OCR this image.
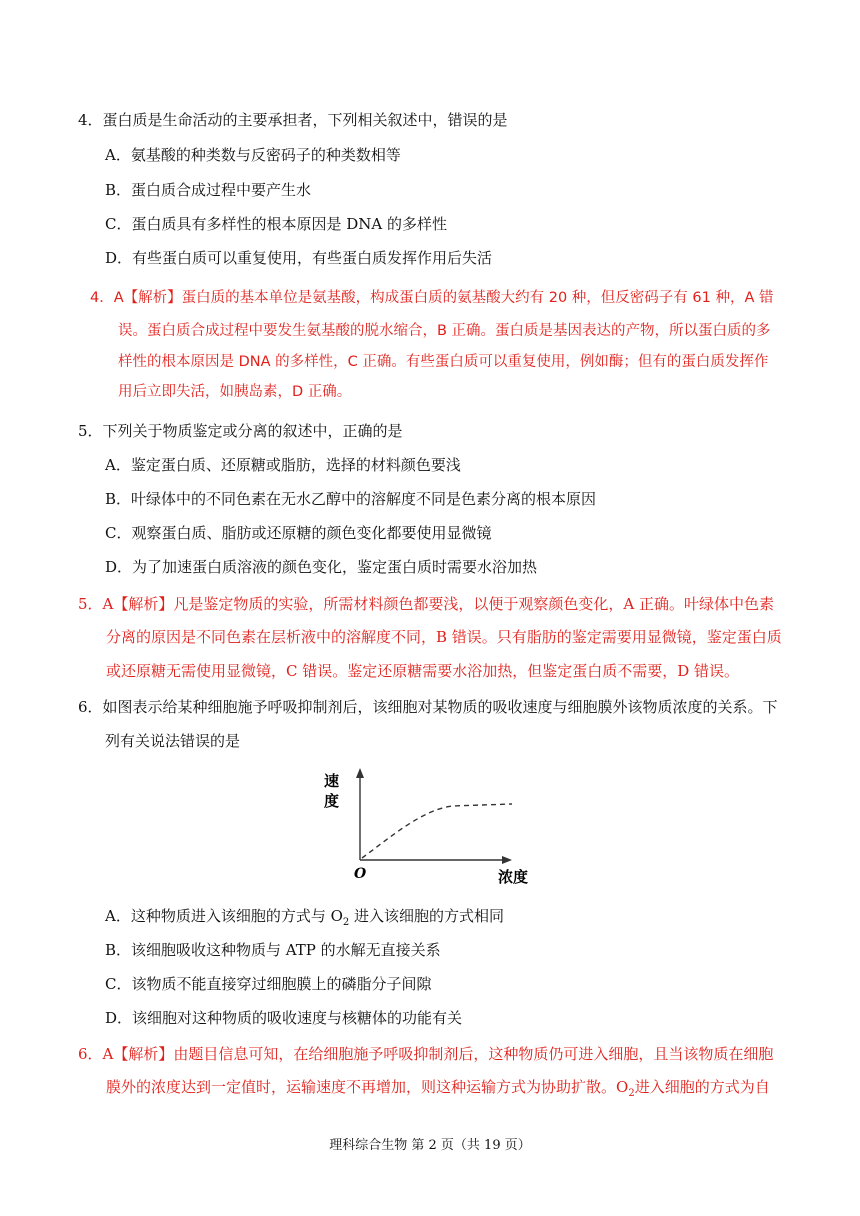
4．蛋白质是生命活动的主要承担者，下列相关叙述中，错误的是
A．氨基酸的种类数与反密码子的种类数相等
B．蛋白质合成过程中要产生水
C．蛋白质具有多样性的根本原因是 DNA 的多样性
D．有些蛋白质可以重复使用，有些蛋白质发挥作用后失活
4．A【解析】蛋白质的基本单位是氨基酸，构成蛋白质的氨基酸大约有 20 种，但反密码子有 61 种，A 错
误。蛋白质合成过程中要发生氨基酸的脱水缩合，B 正确。蛋白质是基因表达的产物，所以蛋白质的多
样性的根本原因是 DNA 的多样性，C 正确。有些蛋白质可以重复使用，例如酶；但有的蛋白质发挥作
用后立即失活，如胰岛素，D 正确。
5．下列关于物质鉴定或分离的叙述中，正确的是
A．鉴定蛋白质、还原糖或脂肪，选择的材料颜色要浅
B．叶绿体中的不同色素在无水乙醇中的溶解度不同是色素分离的根本原因
C．观察蛋白质、脂肪或还原糖的颜色变化都要使用显微镜
D．为了加速蛋白质溶液的颜色变化，鉴定蛋白质时需要水浴加热
5．A【解析】凡是鉴定物质的实验，所需材料颜色都要浅，以便于观察颜色变化，A 正确。叶绿体中色素
分离的原因是不同色素在层析液中的溶解度不同，B 错误。只有脂肪的鉴定需要用显微镜，鉴定蛋白质
或还原糖无需使用显微镜，C 错误。鉴定还原糖需要水浴加热，但鉴定蛋白质不需要，D 错误。
6．如图表示给某种细胞施予呼吸抑制剂后，该细胞对某物质的吸收速度与细胞膜外该物质浓度的关系。下
列有关说法错误的是
速
度
O	浓度
A．这种物质进入该细胞的方式与 $O_2$ 进入该细胞的方式相同
B．该细胞吸收这种物质与 ATP 的水解无直接关系
C．该物质不能直接穿过细胞膜上的磷脂分子间隙
D．该细胞对这种物质的吸收速度与核糖体的功能有关
6．A【解析】由题目信息可知，在给细胞施予呼吸抑制剂后，这种物质仍可进入细胞，且当该物质在细胞
膜外的浓度达到一定值时，运输速度不再增加，则这种运输方式为协助扩散。$O_2$进入细胞的方式为自
理科综合生物 第 2 页（共 19 页）
